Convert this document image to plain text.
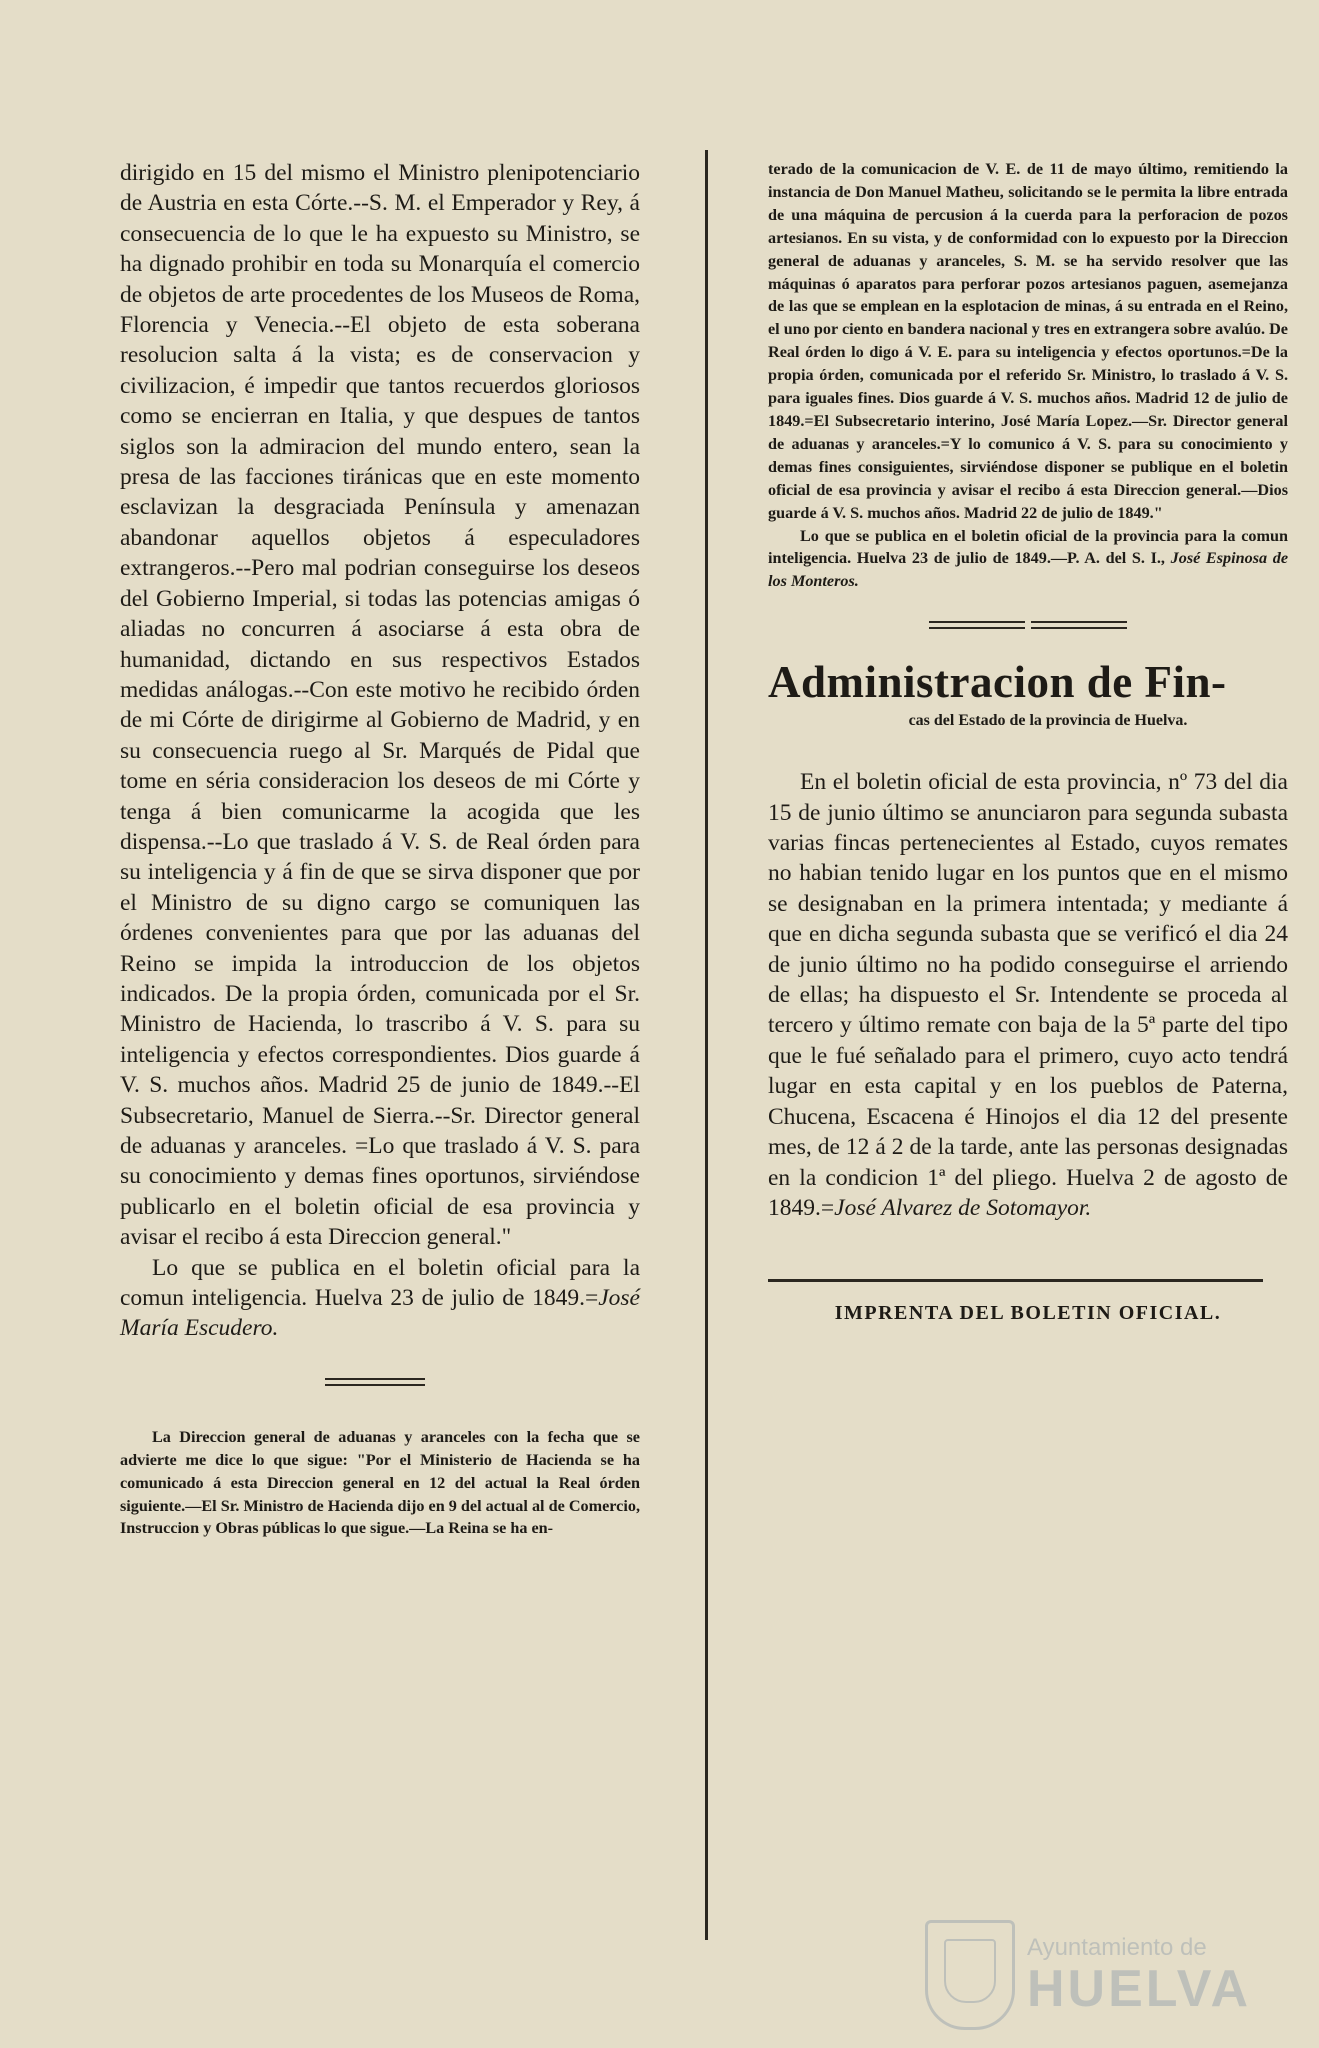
dirigido en 15 del mismo el Ministro plenipotenciario de Austria en esta Córte.--S. M. el Emperador y Rey, á consecuencia de lo que le ha expuesto su Ministro, se ha dignado prohibir en toda su Monarquía el comercio de objetos de arte procedentes de los Museos de Roma, Florencia y Venecia.--El objeto de esta soberana resolucion salta á la vista; es de conservacion y civilizacion, é impedir que tantos recuerdos gloriosos como se encierran en Italia, y que despues de tantos siglos son la admiracion del mundo entero, sean la presa de las facciones tiránicas que en este momento esclavizan la desgraciada Península y amenazan abandonar aquellos objetos á especuladores extrangeros.--Pero mal podrian conseguirse los deseos del Gobierno Imperial, si todas las potencias amigas ó aliadas no concurren á asociarse á esta obra de humanidad, dictando en sus respectivos Estados medidas análogas.--Con este motivo he recibido órden de mi Córte de dirigirme al Gobierno de Madrid, y en su consecuencia ruego al Sr. Marqués de Pidal que tome en séria consideracion los deseos de mi Córte y tenga á bien comunicarme la acogida que les dispensa.--Lo que traslado á V. S. de Real órden para su inteligencia y á fin de que se sirva disponer que por el Ministro de su digno cargo se comuniquen las órdenes convenientes para que por las aduanas del Reino se impida la introduccion de los objetos indicados. De la propia órden, comunicada por el Sr. Ministro de Hacienda, lo trascribo á V. S. para su inteligencia y efectos correspondientes. Dios guarde á V. S. muchos años. Madrid 25 de junio de 1849.--El Subsecretario, Manuel de Sierra.--Sr. Director general de aduanas y aranceles. =Lo que traslado á V. S. para su conocimiento y demas fines oportunos, sirviéndose publicarlo en el boletin oficial de esa provincia y avisar el recibo á esta Direccion general."

Lo que se publica en el boletin oficial para la comun inteligencia. Huelva 23 de julio de 1849.=José María Escudero.

La Direccion general de aduanas y aranceles con la fecha que se advierte me dice lo que sigue: "Por el Ministerio de Hacienda se ha comunicado á esta Direccion general en 12 del actual la Real órden siguiente.—El Sr. Ministro de Hacienda dijo en 9 del actual al de Comercio, Instruccion y Obras públicas lo que sigue.—La Reina se ha en-

terado de la comunicacion de V. E. de 11 de mayo último, remitiendo la instancia de Don Manuel Matheu, solicitando se le permita la libre entrada de una máquina de percusion á la cuerda para la perforacion de pozos artesianos. En su vista, y de conformidad con lo expuesto por la Direccion general de aduanas y aranceles, S. M. se ha servido resolver que las máquinas ó aparatos para perforar pozos artesianos paguen, asemejanza de las que se emplean en la esplotacion de minas, á su entrada en el Reino, el uno por ciento en bandera nacional y tres en extrangera sobre avalúo. De Real órden lo digo á V. E. para su inteligencia y efectos oportunos.=De la propia órden, comunicada por el referido Sr. Ministro, lo traslado á V. S. para iguales fines. Dios guarde á V. S. muchos años. Madrid 12 de julio de 1849.=El Subsecretario interino, José María Lopez.—Sr. Director general de aduanas y aranceles.=Y lo comunico á V. S. para su conocimiento y demas fines consiguientes, sirviéndose disponer se publique en el boletin oficial de esa provincia y avisar el recibo á esta Direccion general.—Dios guarde á V. S. muchos años. Madrid 22 de julio de 1849."

Lo que se publica en el boletin oficial de la provincia para la comun inteligencia. Huelva 23 de julio de 1849.—P. A. del S. I., José Espinosa de los Monteros.

Administracion de Fin-

cas del Estado de la provincia de Huelva.

En el boletin oficial de esta provincia, nº 73 del dia 15 de junio último se anunciaron para segunda subasta varias fincas pertenecientes al Estado, cuyos remates no habian tenido lugar en los puntos que en el mismo se designaban en la primera intentada; y mediante á que en dicha segunda subasta que se verificó el dia 24 de junio último no ha podido conseguirse el arriendo de ellas; ha dispuesto el Sr. Intendente se proceda al tercero y último remate con baja de la 5ª parte del tipo que le fué señalado para el primero, cuyo acto tendrá lugar en esta capital y en los pueblos de Paterna, Chucena, Escacena é Hinojos el dia 12 del presente mes, de 12 á 2 de la tarde, ante las personas designadas en la condicion 1ª del pliego. Huelva 2 de agosto de 1849.=José Alvarez de Sotomayor.

IMPRENTA DEL BOLETIN OFICIAL.

Ayuntamiento de
HUELVA
